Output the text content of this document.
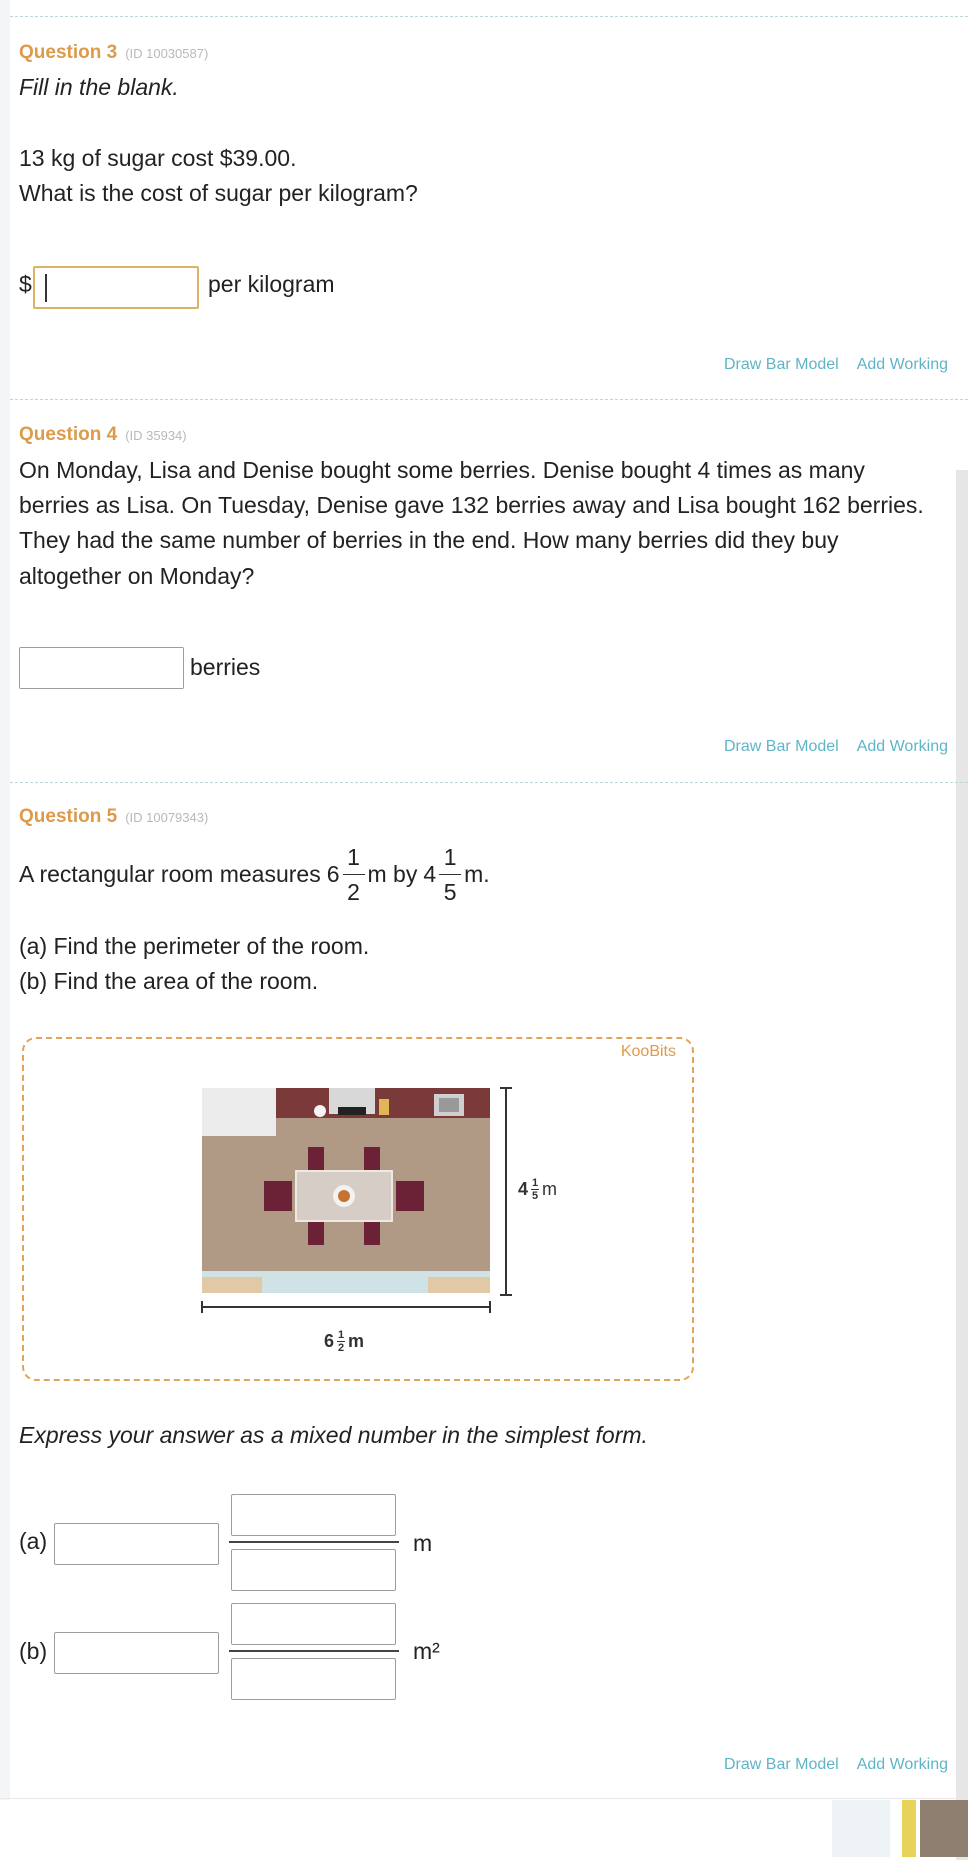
Question 3 (ID 10030587)
Fill in the blank.
13 kg of sugar cost $39.00.
What is the cost of sugar per kilogram?
$	per kilogram
Draw Bar Model Add Working
Question 4 (ID 35934)
On Monday, Lisa and Denise bought some berries. Denise bought 4 times as many
berries as Lisa. On Tuesday, Denise gave 132 berries away and Lisa bought 162 berries.
They had the same number of berries in the end. How many berries did they buy
altogether on Monday?
berries
Draw Bar Model Add Working
Question 5 (ID 10079343)
A rectangular room measures $6 \frac{1}{2}$ m by $4 \frac{1}{5} m$.
(a) Find the perimeter of the room.
(b) Find the area of the room.
KooBits
4 1
5 m
6 1
2 m
Express your answer as a mixed number in the simplest form.
(a)	m
(b)	m²
Draw Bar Model Add Working
